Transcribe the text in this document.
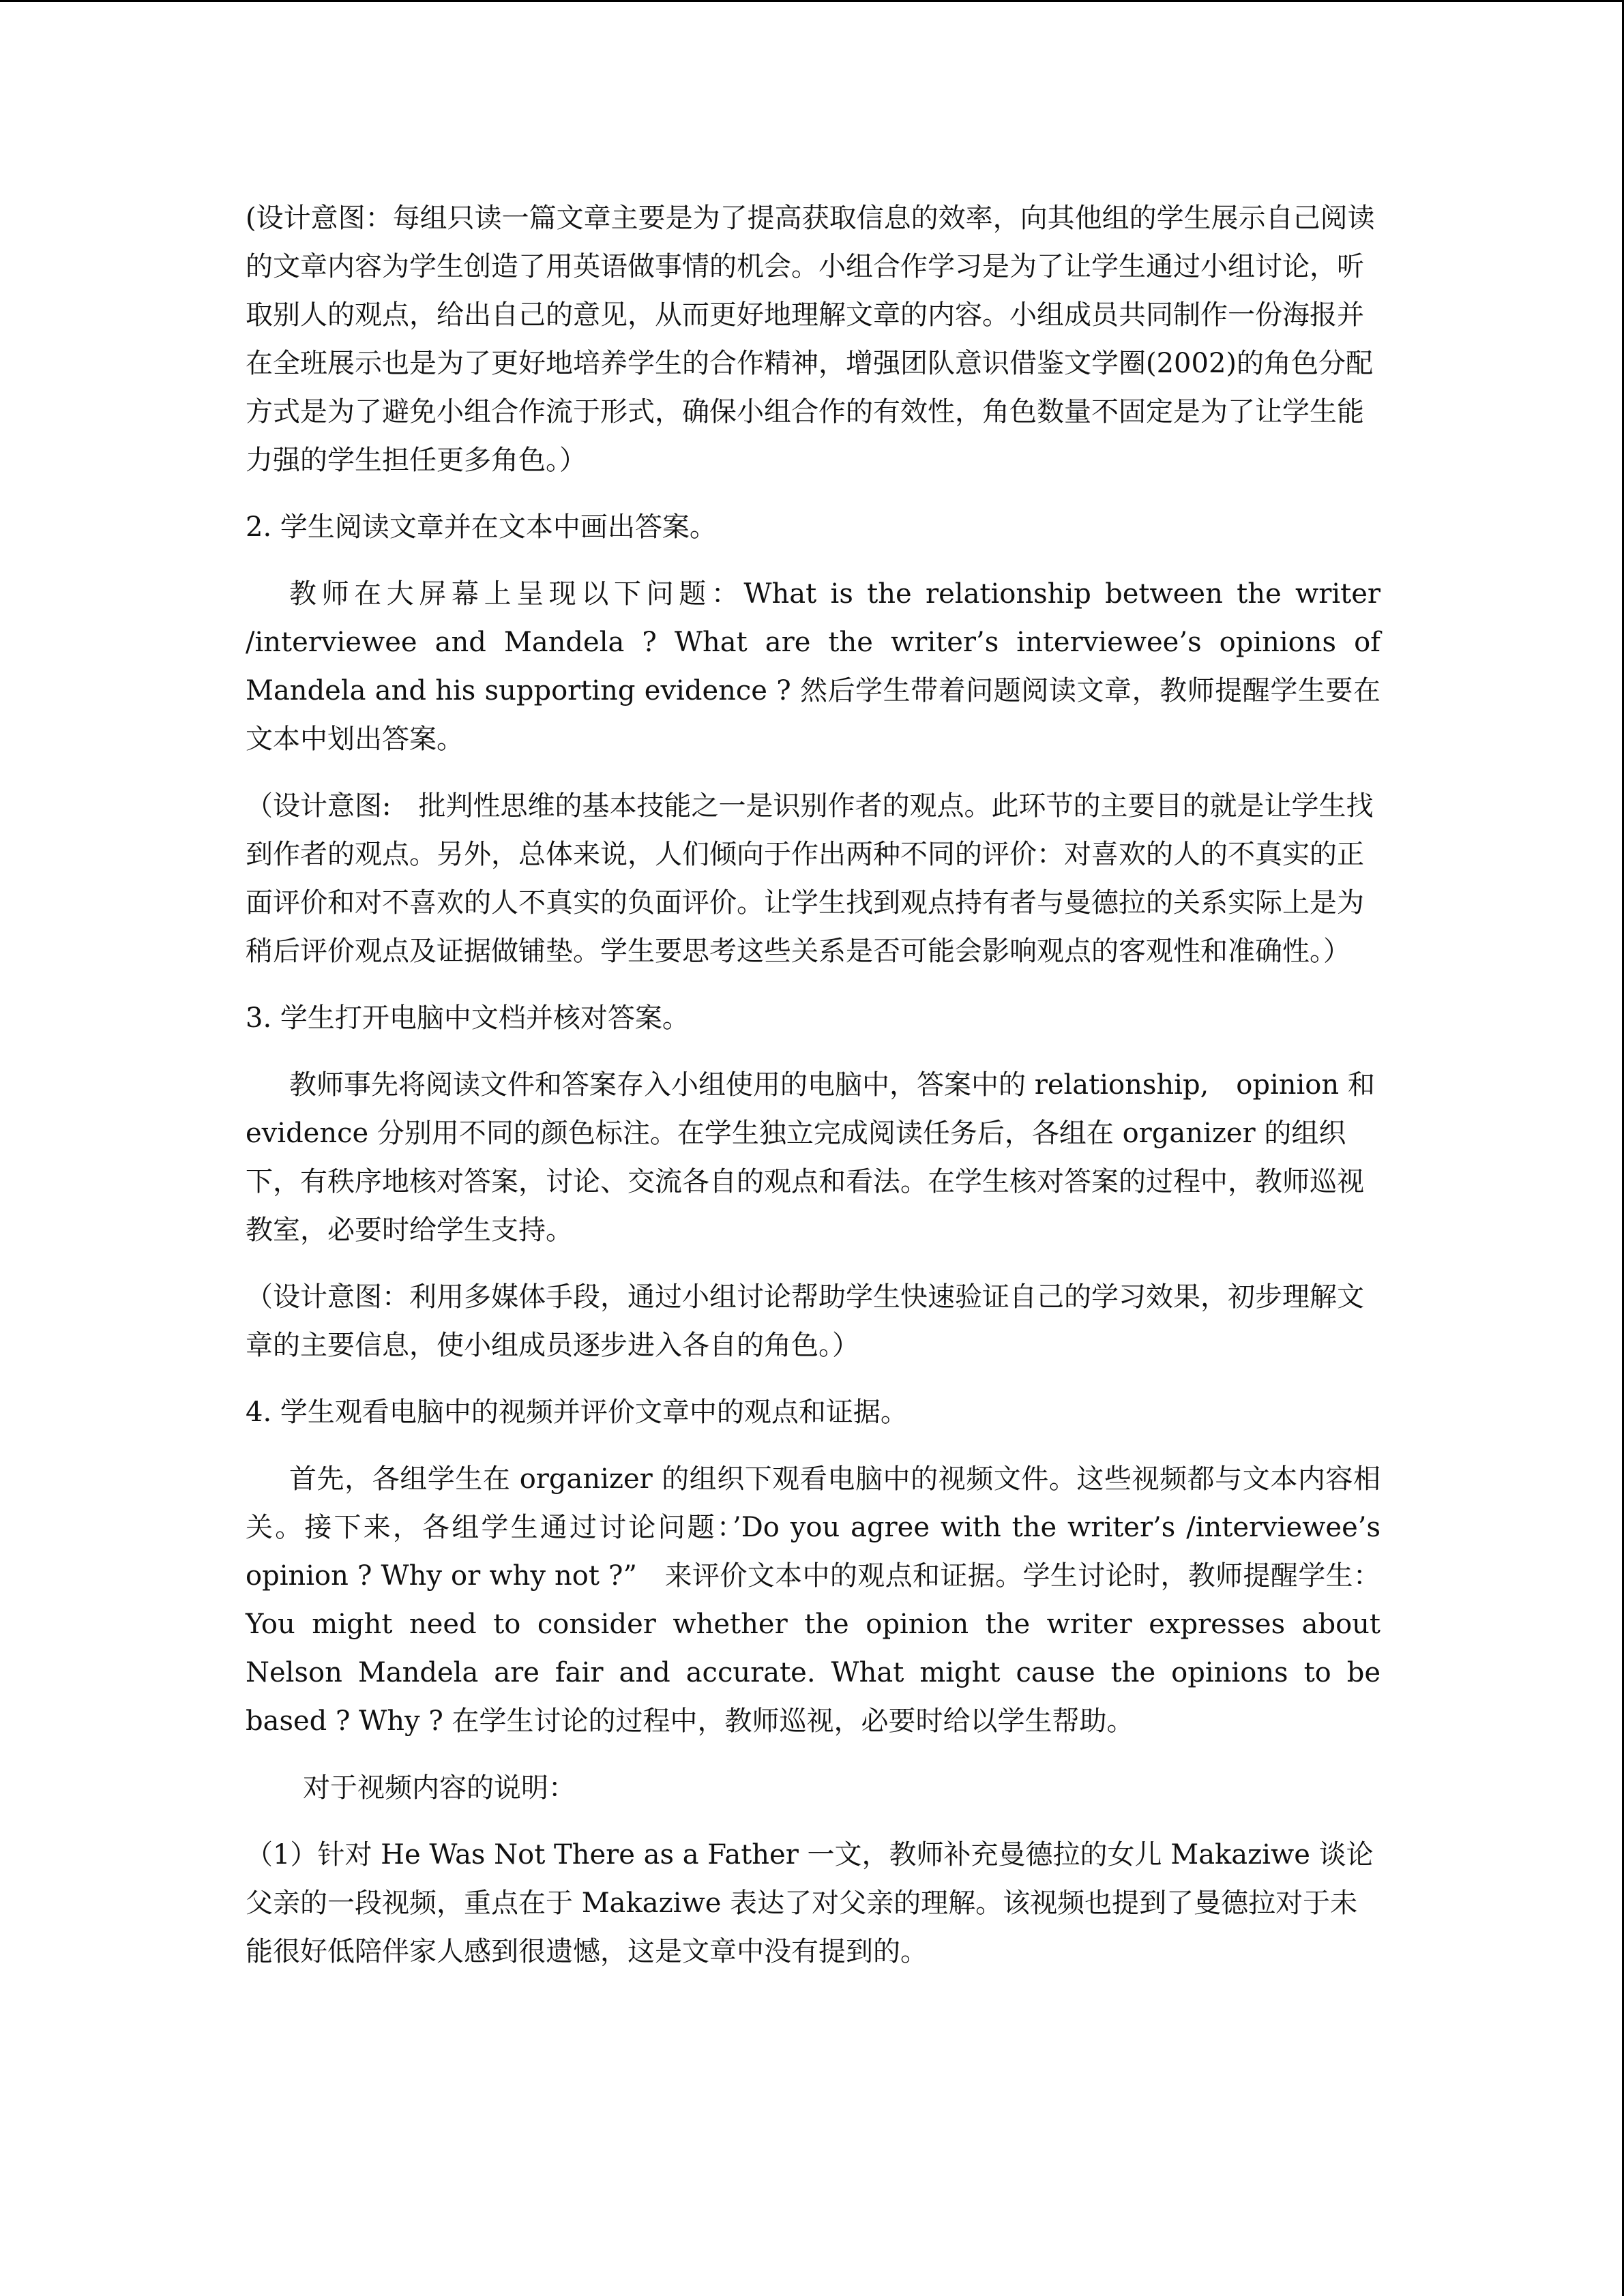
(设计意图：每组只读一篇文章主要是为了提高获取信息的效率，向其他组的学生展示自己阅读的文章内容为学生创造了用英语做事情的机会。小组合作学习是为了让学生通过小组讨论，听取别人的观点，给出自己的意见，从而更好地理解文章的内容。小组成员共同制作一份海报并在全班展示也是为了更好地培养学生的合作精神，增强团队意识借鉴文学圈(2002)的角色分配方式是为了避免小组合作流于形式，确保小组合作的有效性，角色数量不固定是为了让学生能力强的学生担任更多角色。）

2. 学生阅读文章并在文本中画出答案。

教师在大屏幕上呈现以下问题：What is the relationship between the writer /interviewee and Mandela ? What are the writer’s interviewee’s opinions of Mandela and his supporting evidence ? 然后学生带着问题阅读文章，教师提醒学生要在文本中划出答案。

（设计意图:　批判性思维的基本技能之一是识别作者的观点。此环节的主要目的就是让学生找到作者的观点。另外，总体来说，人们倾向于作出两种不同的评价：对喜欢的人的不真实的正面评价和对不喜欢的人不真实的负面评价。让学生找到观点持有者与曼德拉的关系实际上是为稍后评价观点及证据做铺垫。学生要思考这些关系是否可能会影响观点的客观性和准确性。）

3. 学生打开电脑中文档并核对答案。

教师事先将阅读文件和答案存入小组使用的电脑中，答案中的 relationship,　opinion 和 evidence 分别用不同的颜色标注。在学生独立完成阅读任务后，各组在 organizer 的组织下，有秩序地核对答案，讨论、交流各自的观点和看法。在学生核对答案的过程中，教师巡视教室，必要时给学生支持。

（设计意图：利用多媒体手段，通过小组讨论帮助学生快速验证自己的学习效果，初步理解文章的主要信息，使小组成员逐步进入各自的角色。）

4. 学生观看电脑中的视频并评价文章中的观点和证据。

首先，各组学生在 organizer 的组织下观看电脑中的视频文件。这些视频都与文本内容相关。接下来，各组学生通过讨论问题：’Do you agree with the writer’s /interviewee’s opinion ? Why or why not ?”　来评价文本中的观点和证据。学生讨论时，教师提醒学生：You might need to consider whether the opinion the writer expresses about Nelson Mandela are fair and accurate. What might cause the opinions to be based ? Why ? 在学生讨论的过程中，教师巡视，必要时给以学生帮助。

对于视频内容的说明：

（1）针对 He Was Not There as a Father 一文，教师补充曼德拉的女儿 Makaziwe 谈论父亲的一段视频，重点在于 Makaziwe 表达了对父亲的理解。该视频也提到了曼德拉对于未能很好低陪伴家人感到很遗憾，这是文章中没有提到的。
